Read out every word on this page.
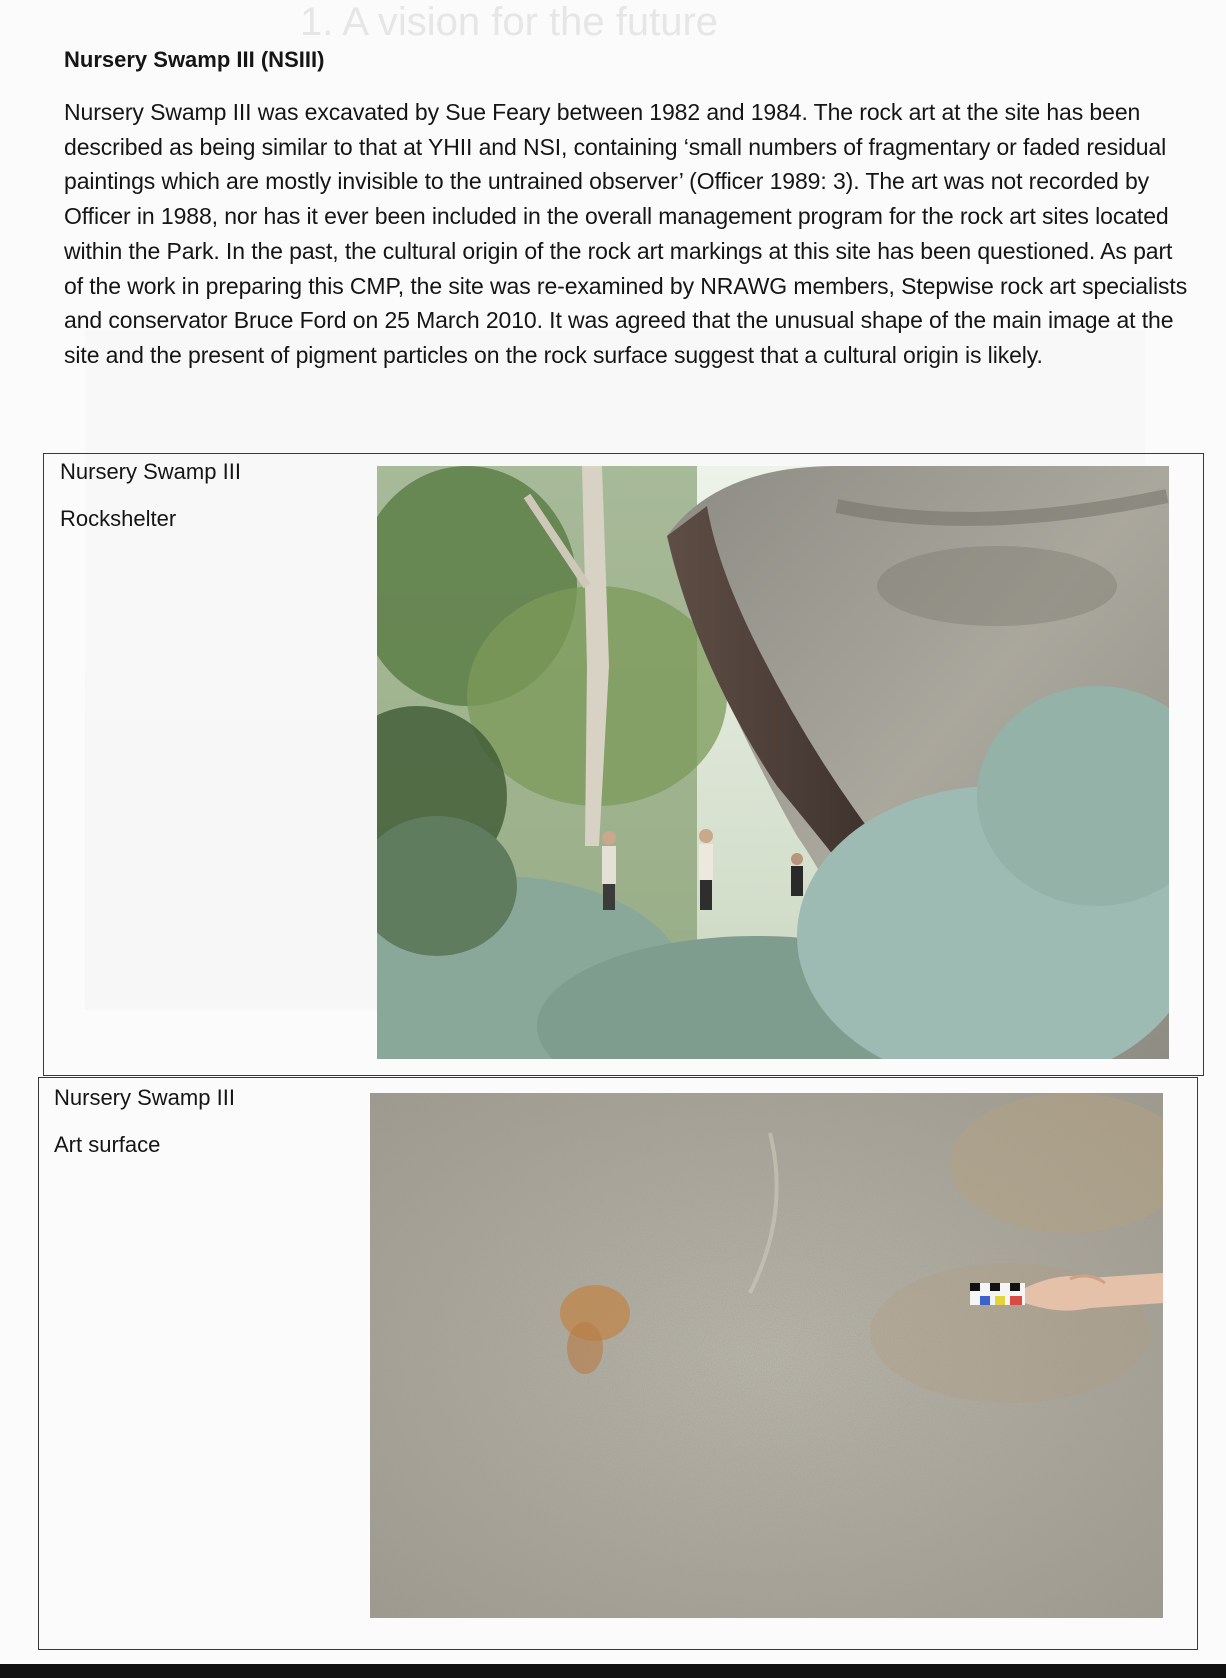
1. A vision for the future
Nursery Swamp III (NSIII)

Nursery Swamp III was excavated by Sue Feary between 1982 and 1984. The rock art at the site has been described as being similar to that at YHII and NSI, containing ‘small numbers of fragmentary or faded residual paintings which are mostly invisible to the untrained observer’ (Officer 1989: 3). The art was not recorded by Officer in 1988, nor has it ever been included in the overall management program for the rock art sites located within the Park. In the past, the cultural origin of the rock art markings at this site has been questioned. As part of the work in preparing this CMP, the site was re-examined by NRAWG members, Stepwise rock art specialists and conservator Bruce Ford on 25 March 2010. It was agreed that the unusual shape of the main image at the site and the present of pigment particles on the rock surface suggest that a cultural origin is likely.

Nursery Swamp III
Rockshelter
Nursery Swamp III
Art surface
